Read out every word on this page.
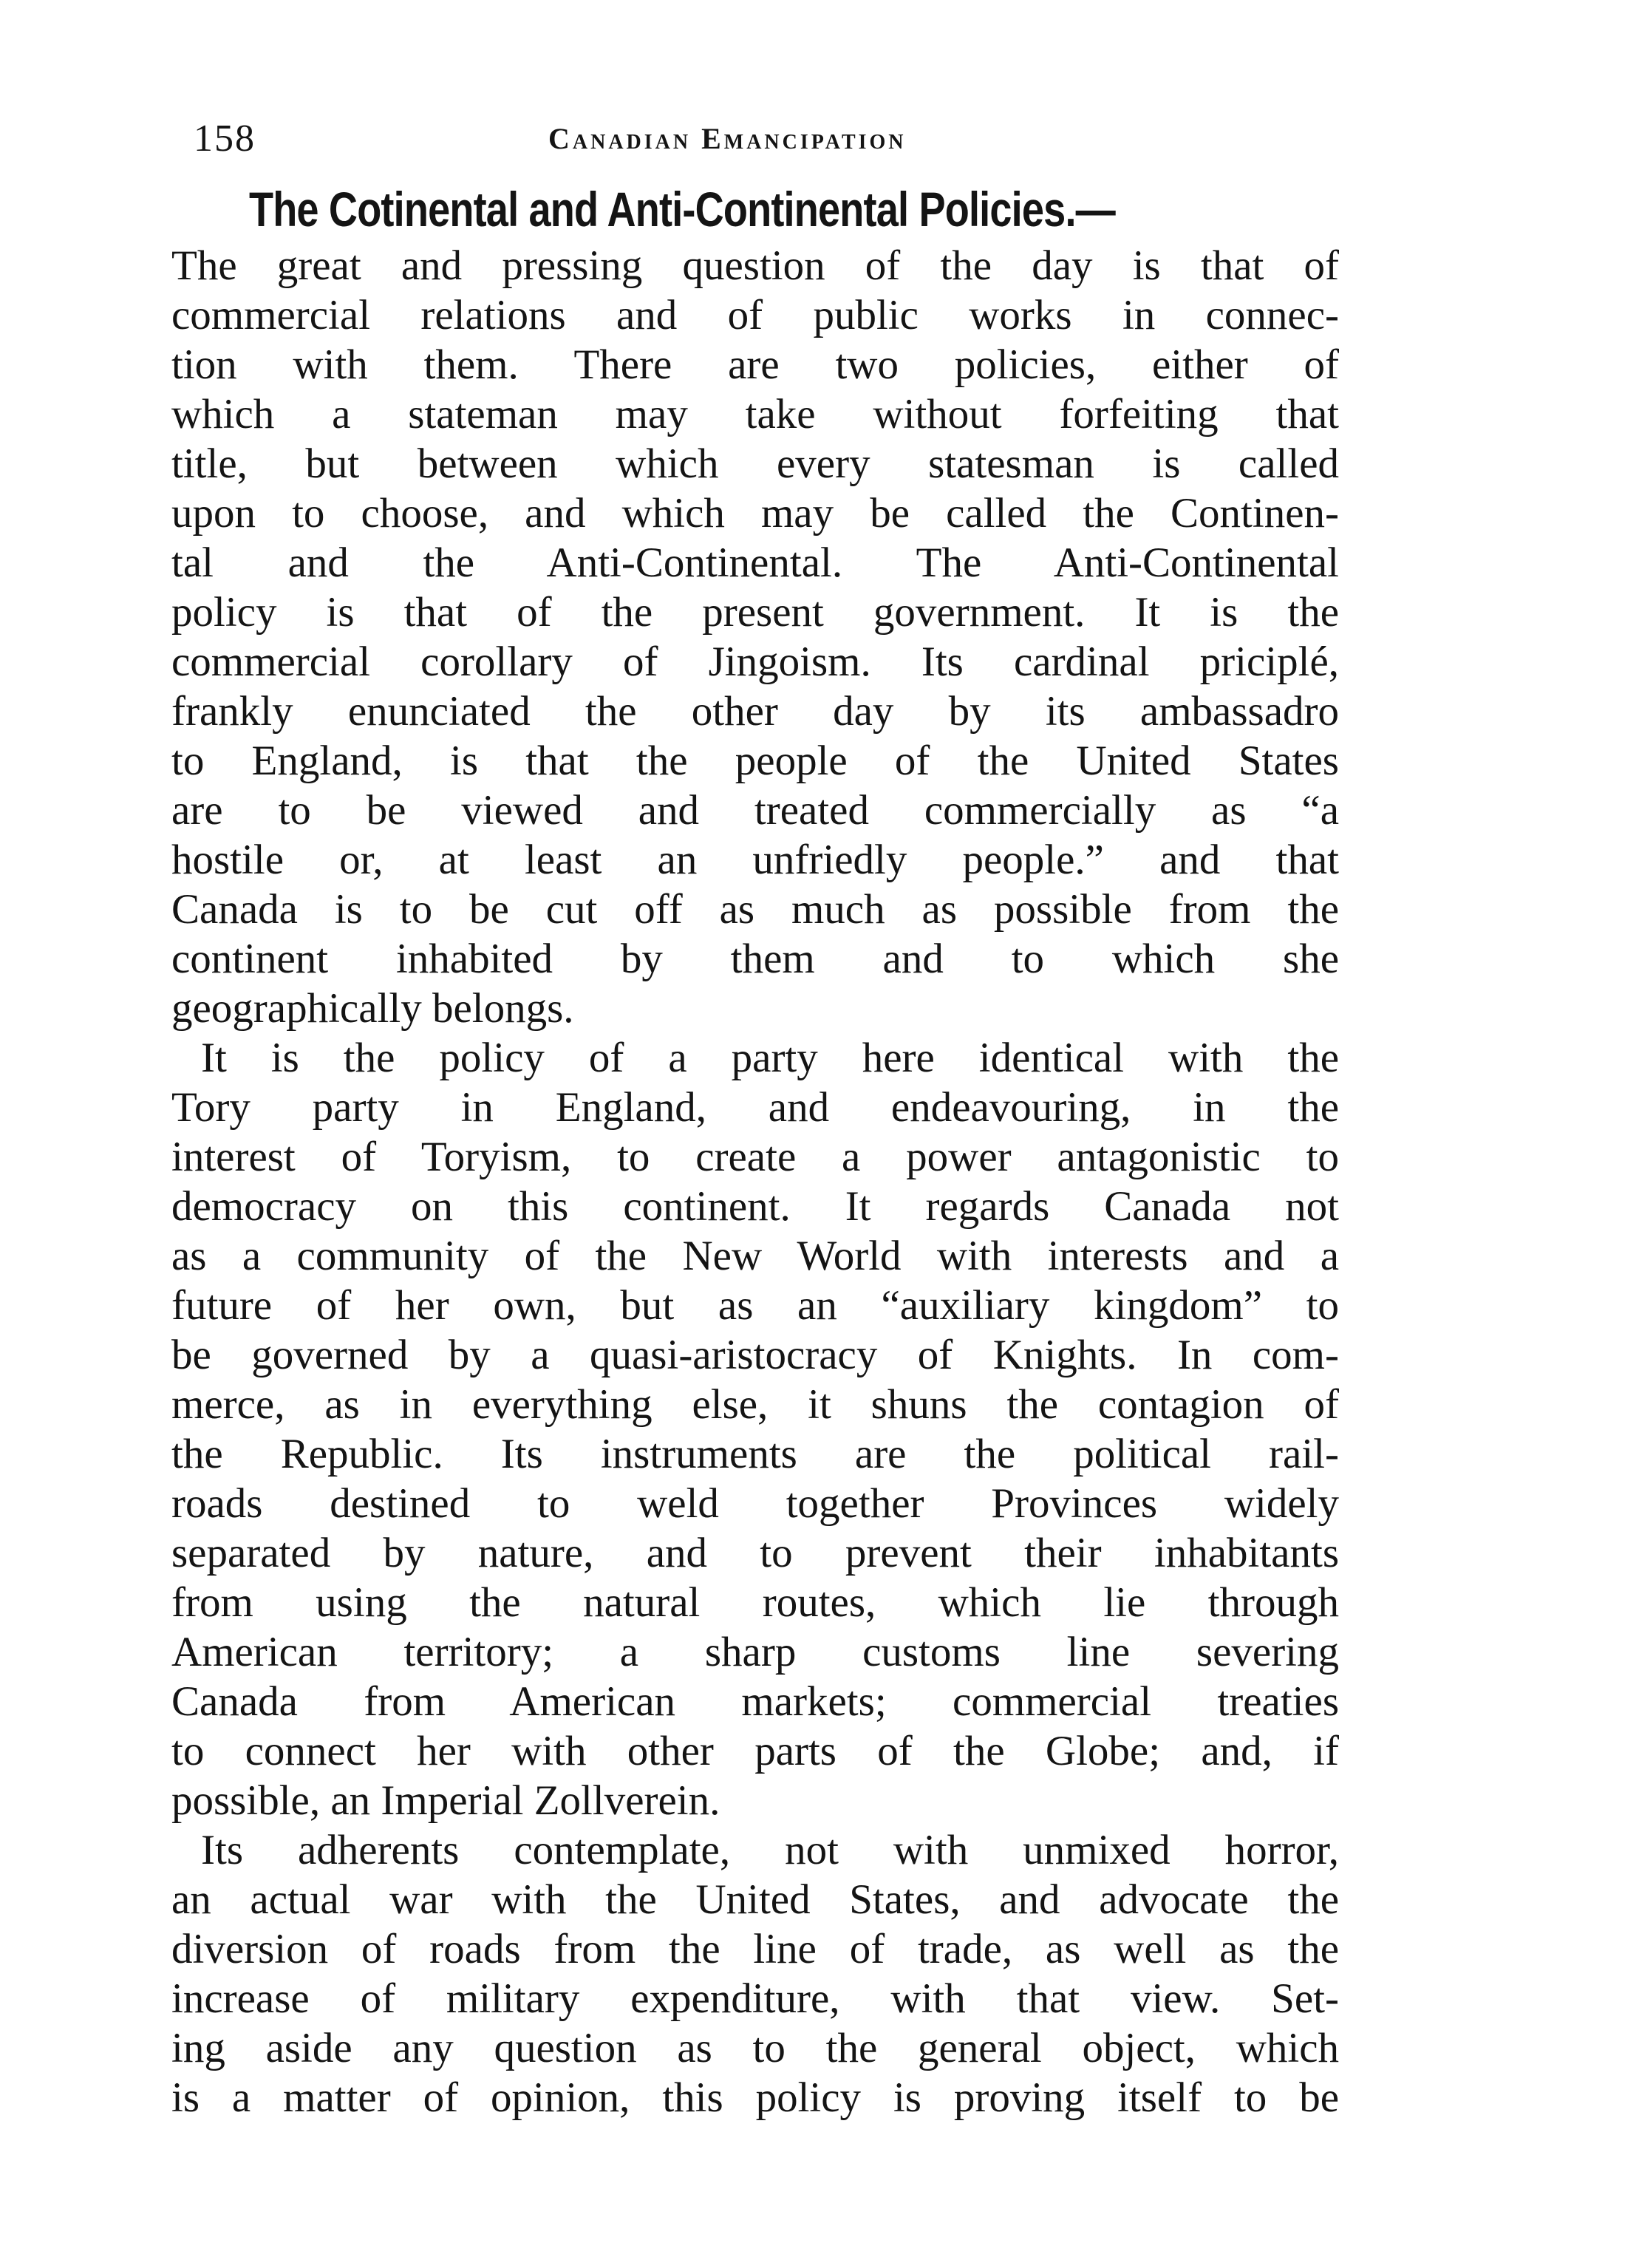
158	Canadian Emancipation
The Cotinental and Anti-Continental Policies.—
The great and pressing question of the day is that of
commercial relations and of public works in connec-
tion with them. There are two policies, either of
which a stateman may take without forfeiting that
title, but between which every statesman is called
upon to choose, and which may be called the Continen-
tal and the Anti-Continental. The Anti-Continental
policy is that of the present government. It is the
commercial corollary of Jingoism. Its cardinal priciplé,
frankly enunciated the other day by its ambassadro
to England, is that the people of the United States
are to be viewed and treated commercially as “a
hostile or, at least an unfriedly people.” and that
Canada is to be cut off as much as possible from the
continent inhabited by them and to which she
geographically belongs.
It is the policy of a party here identical with the
Tory party in England, and endeavouring, in the
interest of Toryism, to create a power antagonistic to
democracy on this continent. It regards Canada not
as a community of the New World with interests and a
future of her own, but as an “auxiliary kingdom” to
be governed by a quasi-aristocracy of Knights. In com-
merce, as in everything else, it shuns the contagion of
the Republic. Its instruments are the political rail-
roads destined to weld together Provinces widely
separated by nature, and to prevent their inhabitants
from using the natural routes, which lie through
American territory; a sharp customs line severing
Canada from American markets; commercial treaties
to connect her with other parts of the Globe; and, if
possible, an Imperial Zollverein.
Its adherents contemplate, not with unmixed horror,
an actual war with the United States, and advocate the
diversion of roads from the line of trade, as well as the
increase of military expenditure, with that view. Set-
ing aside any question as to the general object, which
is a matter of opinion, this policy is proving itself to be
